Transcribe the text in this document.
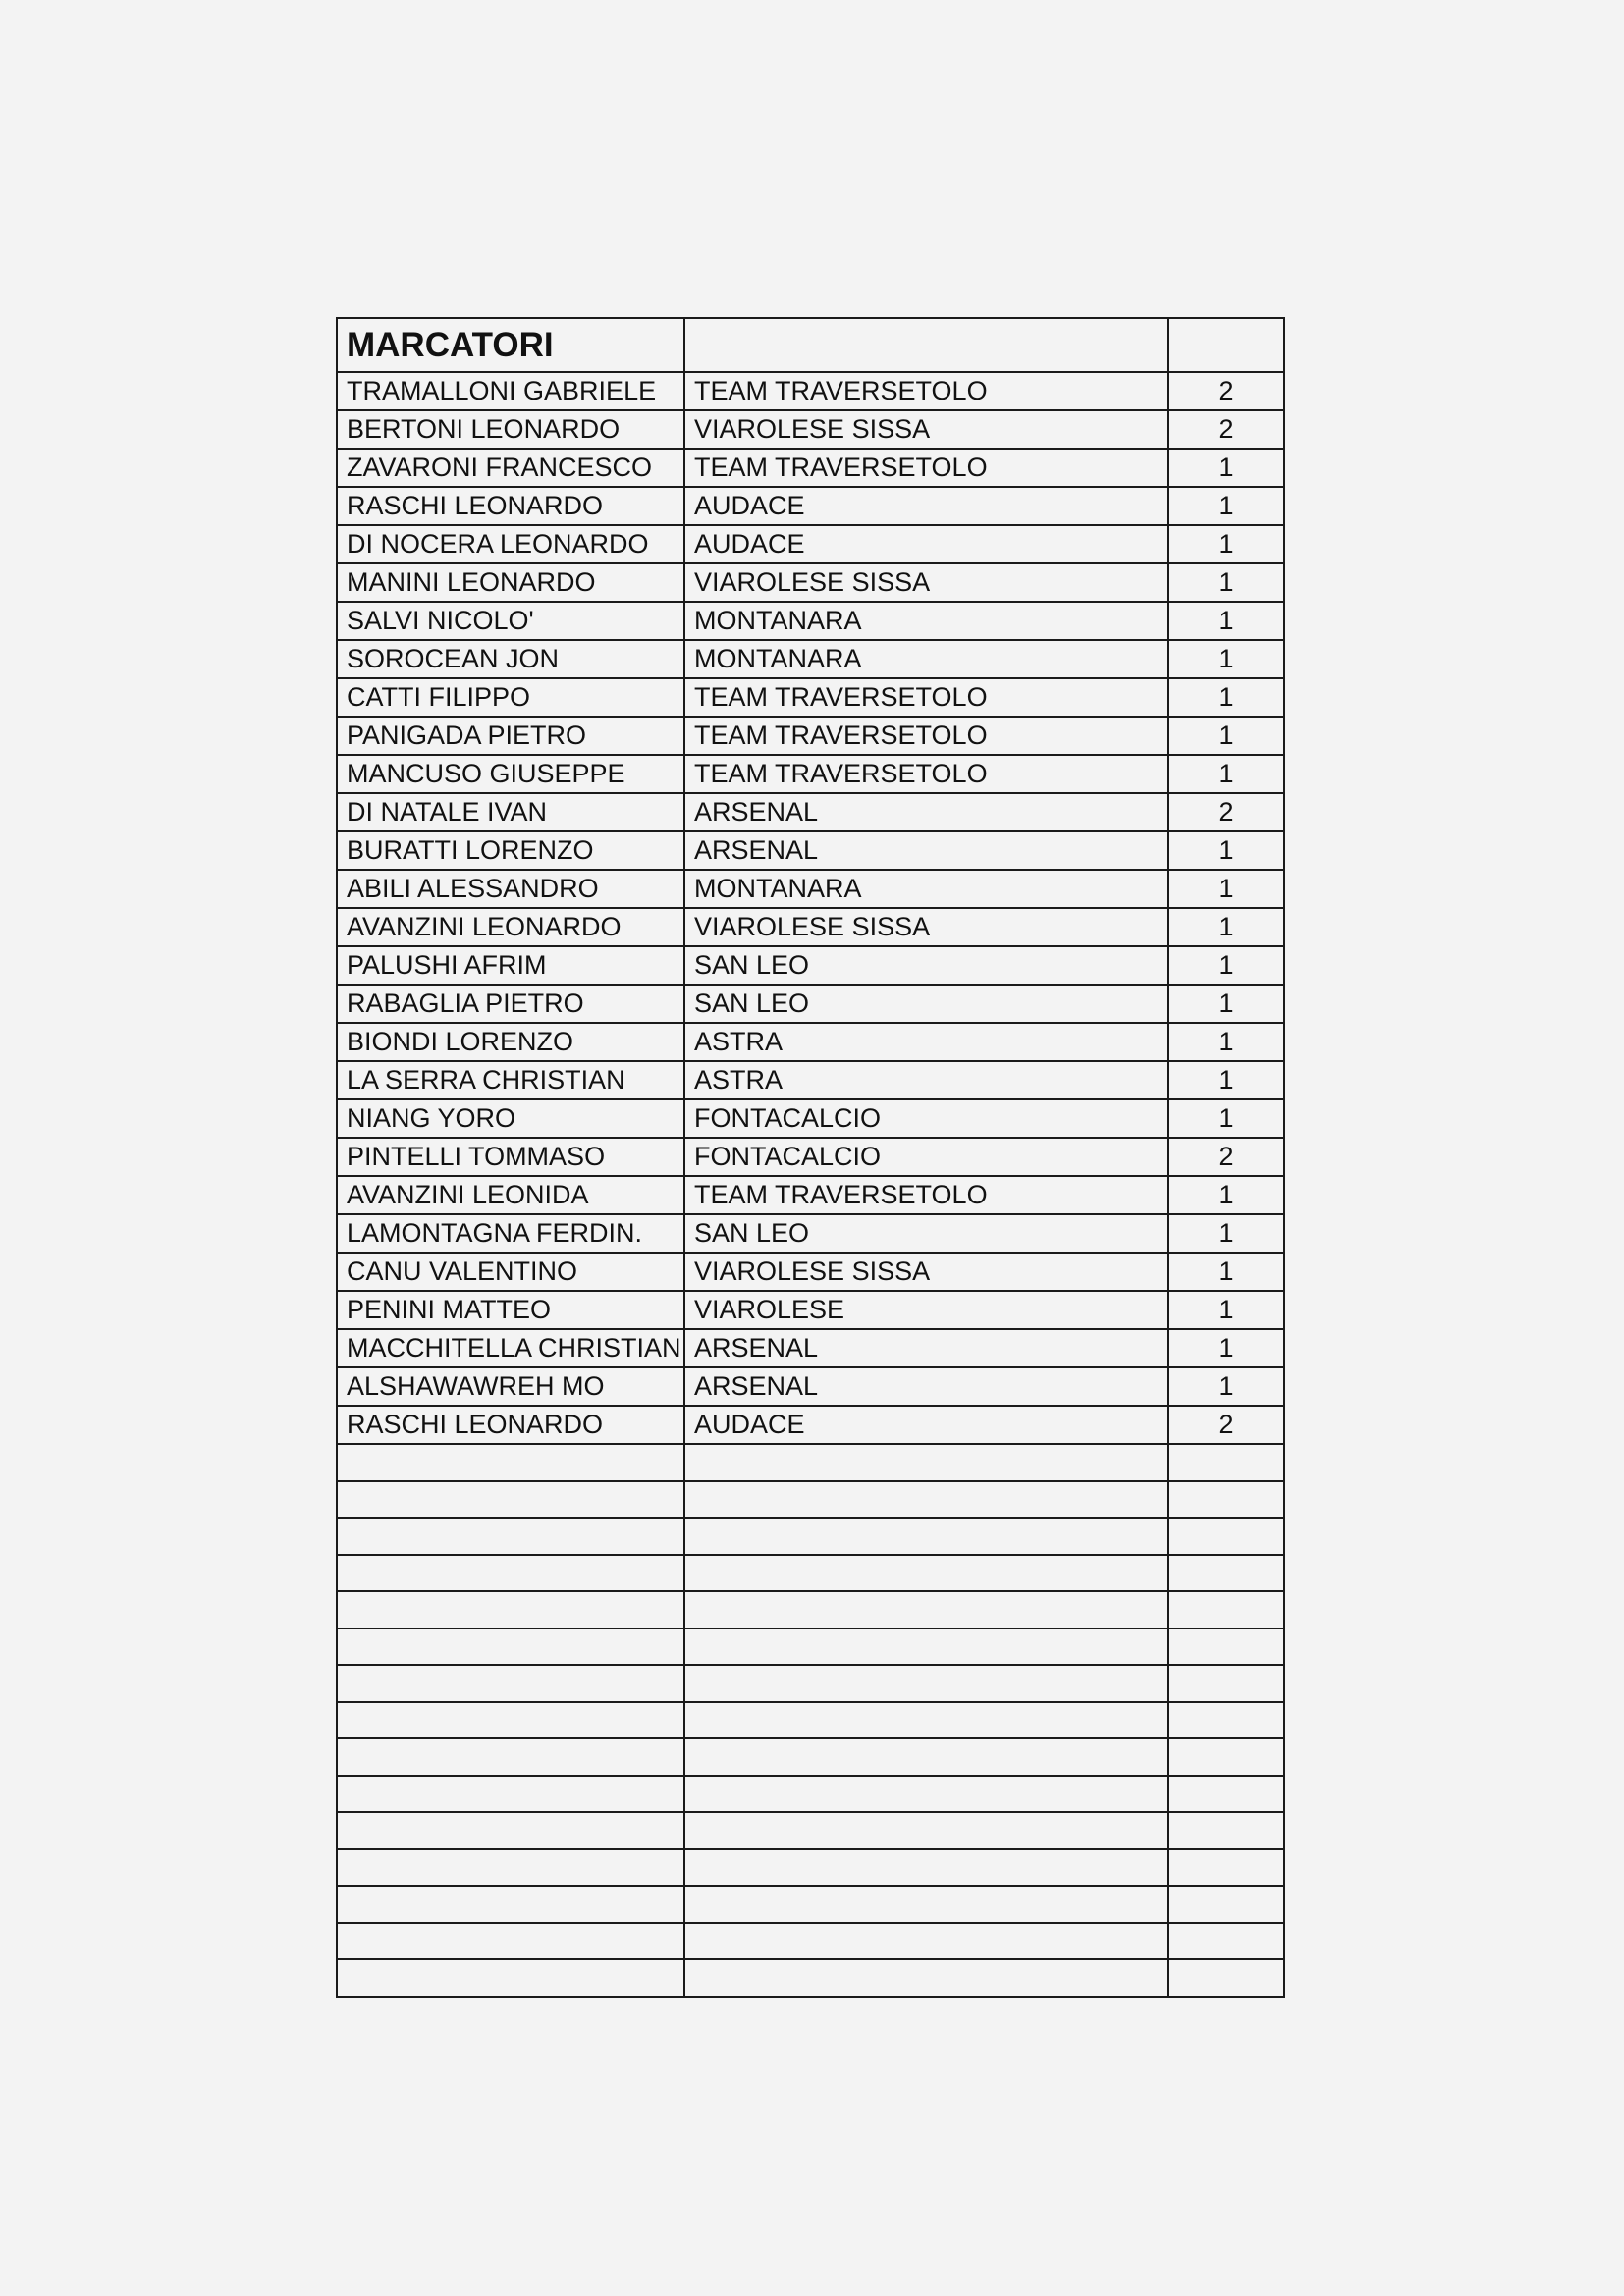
MARCATORI		
TRAMALLONI GABRIELE	TEAM TRAVERSETOLO	2
BERTONI LEONARDO	VIAROLESE SISSA	2
ZAVARONI FRANCESCO	TEAM TRAVERSETOLO	1
RASCHI LEONARDO	AUDACE	1
DI NOCERA LEONARDO	AUDACE	1
MANINI LEONARDO	VIAROLESE SISSA	1
SALVI NICOLO'	MONTANARA	1
SOROCEAN JON	MONTANARA	1
CATTI FILIPPO	TEAM TRAVERSETOLO	1
PANIGADA PIETRO	TEAM TRAVERSETOLO	1
MANCUSO GIUSEPPE	TEAM TRAVERSETOLO	1
DI NATALE IVAN	ARSENAL	2
BURATTI LORENZO	ARSENAL	1
ABILI ALESSANDRO	MONTANARA	1
AVANZINI LEONARDO	VIAROLESE SISSA	1
PALUSHI AFRIM	SAN LEO	1
RABAGLIA PIETRO	SAN LEO	1
BIONDI LORENZO	ASTRA	1
LA SERRA CHRISTIAN	ASTRA	1
NIANG YORO	FONTACALCIO	1
PINTELLI TOMMASO	FONTACALCIO	2
AVANZINI LEONIDA	TEAM TRAVERSETOLO	1
LAMONTAGNA FERDIN.	SAN LEO	1
CANU VALENTINO	VIAROLESE SISSA	1
PENINI MATTEO	VIAROLESE	1
MACCHITELLA CHRISTIAN	ARSENAL	1
ALSHAWAWREH MO	ARSENAL	1
RASCHI LEONARDO	AUDACE	2
